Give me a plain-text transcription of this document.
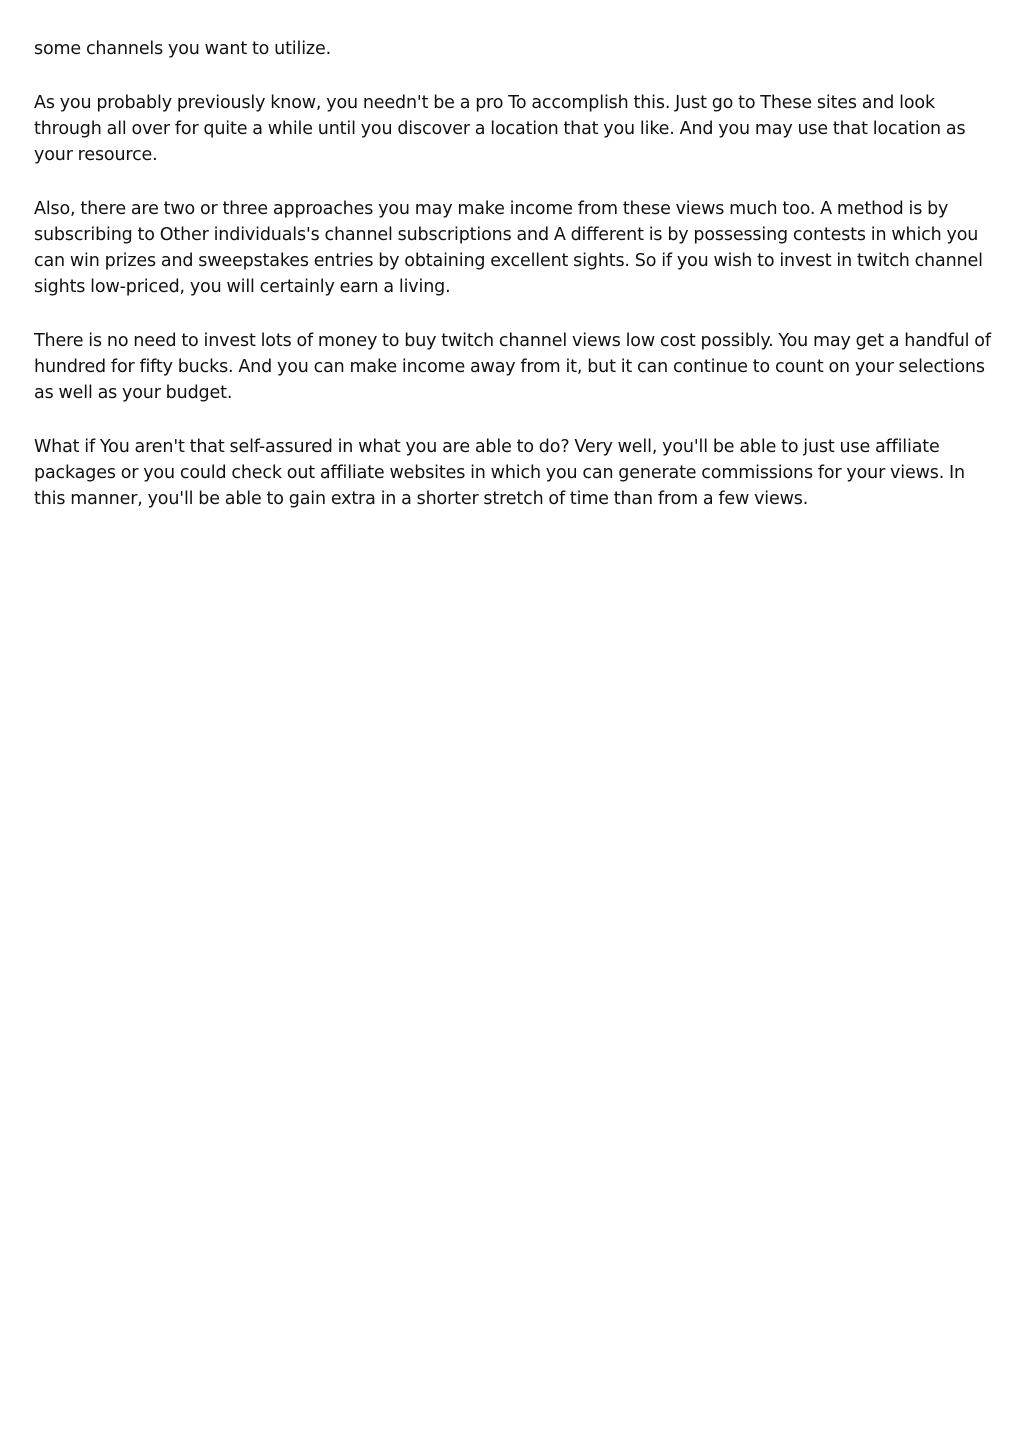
some channels you want to utilize.

As you probably previously know, you needn't be a pro To accomplish this. Just go to These sites and look through all over for quite a while until you discover a location that you like. And you may use that location as your resource.

Also, there are two or three approaches you may make income from these views much too. A method is by subscribing to Other individuals's channel subscriptions and A different is by possessing contests in which you can win prizes and sweepstakes entries by obtaining excellent sights. So if you wish to invest in twitch channel sights low-priced, you will certainly earn a living.

There is no need to invest lots of money to buy twitch channel views low cost possibly. You may get a handful of hundred for fifty bucks. And you can make income away from it, but it can continue to count on your selections as well as your budget.

What if You aren't that self-assured in what you are able to do? Very well, you'll be able to just use affiliate packages or you could check out affiliate websites in which you can generate commissions for your views. In this manner, you'll be able to gain extra in a shorter stretch of time than from a few views.
